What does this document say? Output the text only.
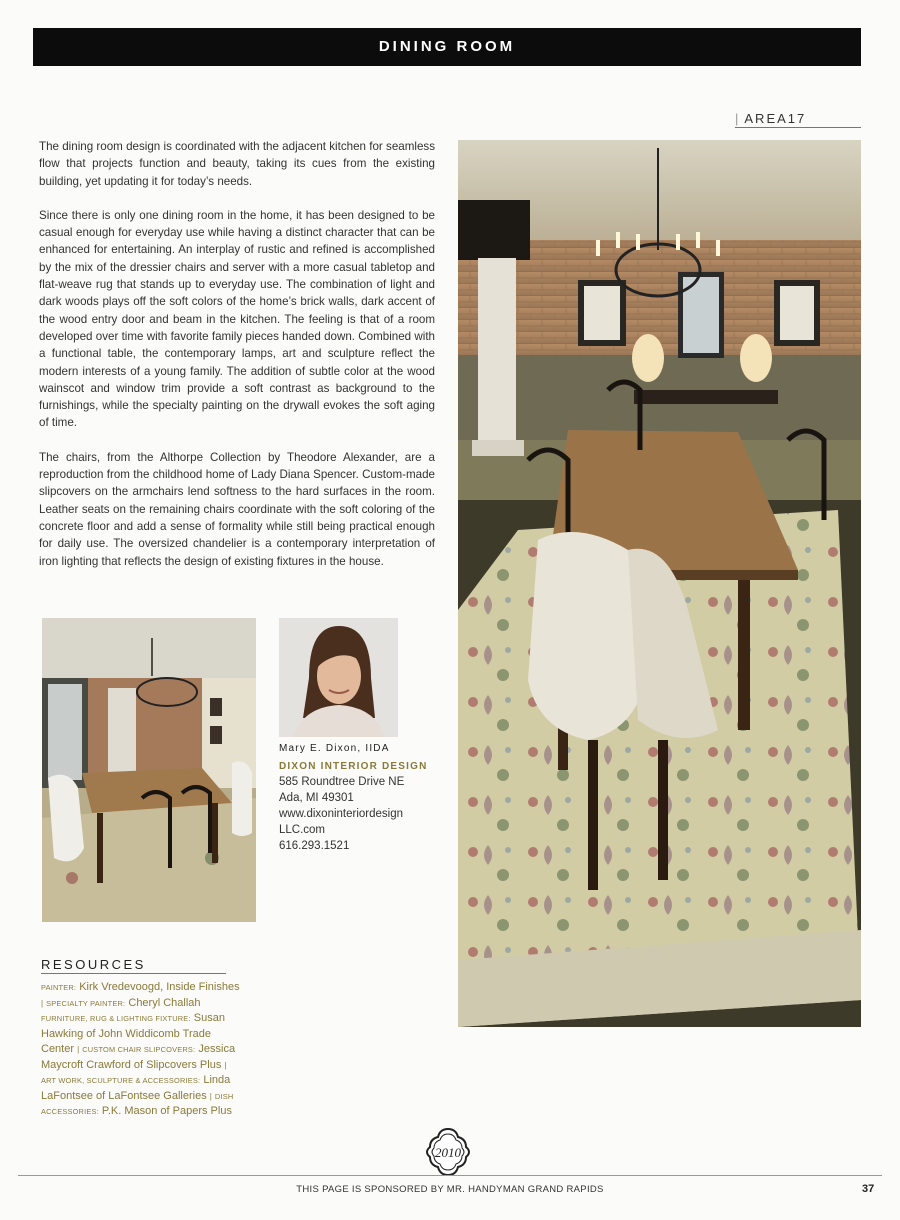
DINING ROOM
| AREA17

The dining room design is coordinated with the adjacent kitchen for seamless flow that projects function and beauty, taking its cues from the existing building, yet updating it for today’s needs.

Since there is only one dining room in the home, it has been designed to be casual enough for everyday use while having a distinct character that can be enhanced for entertaining. An interplay of rustic and refined is accomplished by the mix of the dressier chairs and server with a more casual tabletop and flat-weave rug that stands up to everyday use. The combination of light and dark woods plays off the soft colors of the home’s brick walls, dark accent of the wood entry door and beam in the kitchen. The feeling is that of a room developed over time with favorite family pieces handed down. Combined with a functional table, the contemporary lamps, art and sculpture reflect the modern interests of a young family. The addition of subtle color at the wood wainscot and window trim provide a soft contrast as background to the furnishings, while the specialty painting on the drywall evokes the soft aging of time.

The chairs, from the Althorpe Collection by Theodore Alexander, are a reproduction from the childhood home of Lady Diana Spencer. Custom-made slipcovers on the armchairs lend softness to the hard surfaces in the room. Leather seats on the remaining chairs coordinate with the soft coloring of the concrete floor and add a sense of formality while still being practical enough for daily use. The oversized chandelier is a contemporary interpretation of iron lighting that reflects the design of existing fixtures in the house.

Mary E. Dixon, IIDA
DIXON INTERIOR DESIGN
585 Roundtree Drive NE
Ada, MI 49301
www.dixoninteriordesign
LLC.com
616.293.1521
RESOURCES
PAINTER: Kirk Vredevoogd, Inside Finishes | SPECIALTY PAINTER: Cheryl Challah FURNITURE, RUG & LIGHTING FIXTURE: Susan Hawking of John Widdicomb Trade Center | CUSTOM CHAIR SLIPCOVERS: Jessica Maycroft Crawford of Slipcovers Plus | ART WORK, SCULPTURE & ACCESSORIES: Linda LaFontsee of LaFontsee Galleries | DISH ACCESSORIES: P.K. Mason of Papers Plus
2010
THIS PAGE IS SPONSORED BY MR. HANDYMAN GRAND RAPIDS	37
